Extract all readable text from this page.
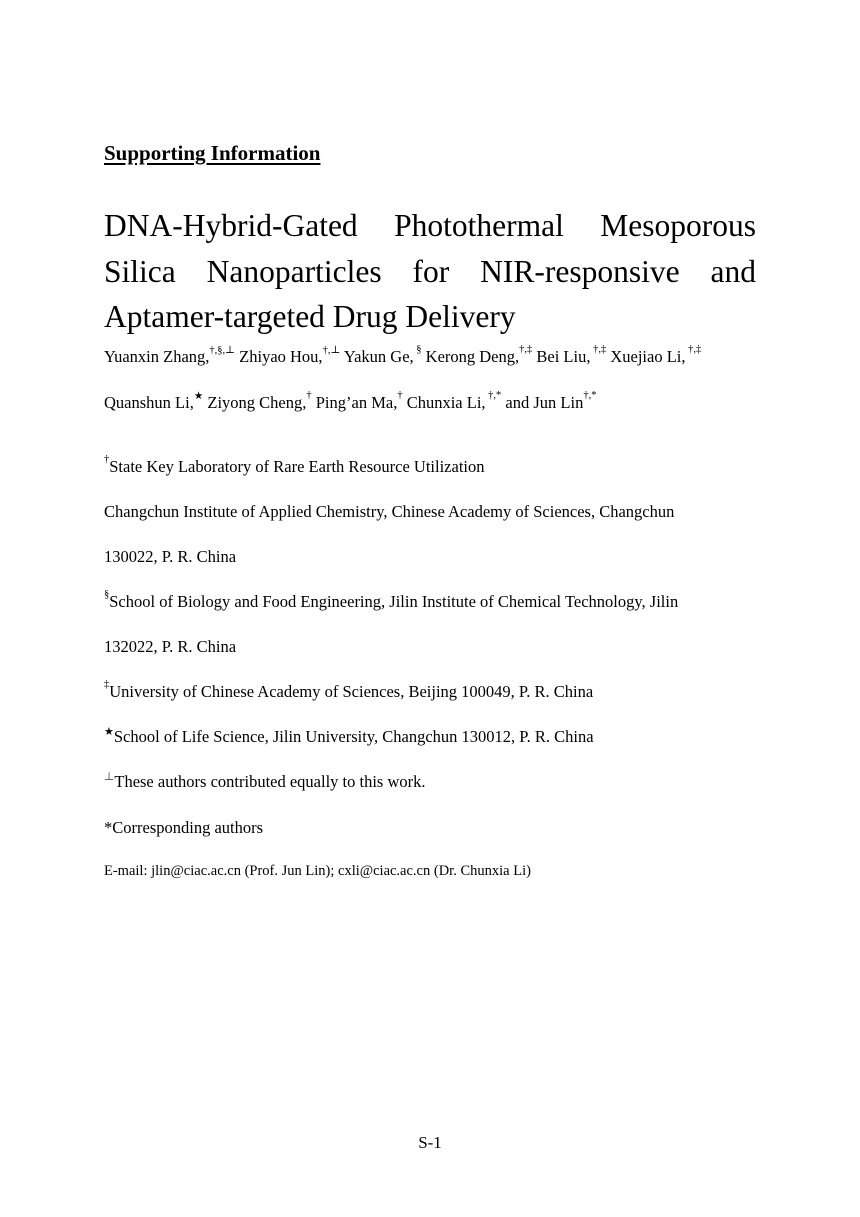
Supporting Information
DNA-Hybrid-Gated Photothermal Mesoporous Silica Nanoparticles for NIR-responsive and Aptamer-targeted Drug Delivery
Yuanxin Zhang,†,§,⊥ Zhiyao Hou,†,⊥ Yakun Ge, § Kerong Deng,†,‡ Bei Liu, †,‡ Xuejiao Li, †,‡
Quanshun Li,★ Ziyong Cheng,† Ping’an Ma,† Chunxia Li, †,* and Jun Lin†,*
†State Key Laboratory of Rare Earth Resource Utilization
Changchun Institute of Applied Chemistry, Chinese Academy of Sciences, Changchun
130022, P. R. China
§School of Biology and Food Engineering, Jilin Institute of Chemical Technology, Jilin
132022, P. R. China
‡University of Chinese Academy of Sciences, Beijing 100049, P. R. China
★School of Life Science, Jilin University, Changchun 130012, P. R. China
⊥These authors contributed equally to this work.
*Corresponding authors
E-mail: jlin@ciac.ac.cn (Prof. Jun Lin); cxli@ciac.ac.cn (Dr. Chunxia Li)
S-1
